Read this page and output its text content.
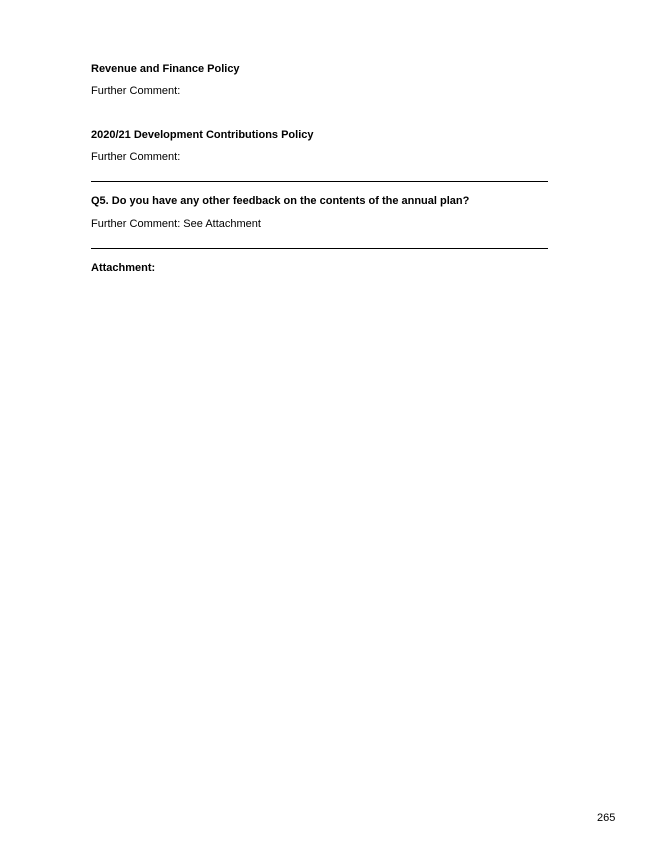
Revenue and Finance Policy
Further Comment:
2020/21 Development Contributions Policy
Further Comment:
Q5. Do you have any other feedback on the contents of the annual plan?
Further Comment: See Attachment
Attachment:
265
